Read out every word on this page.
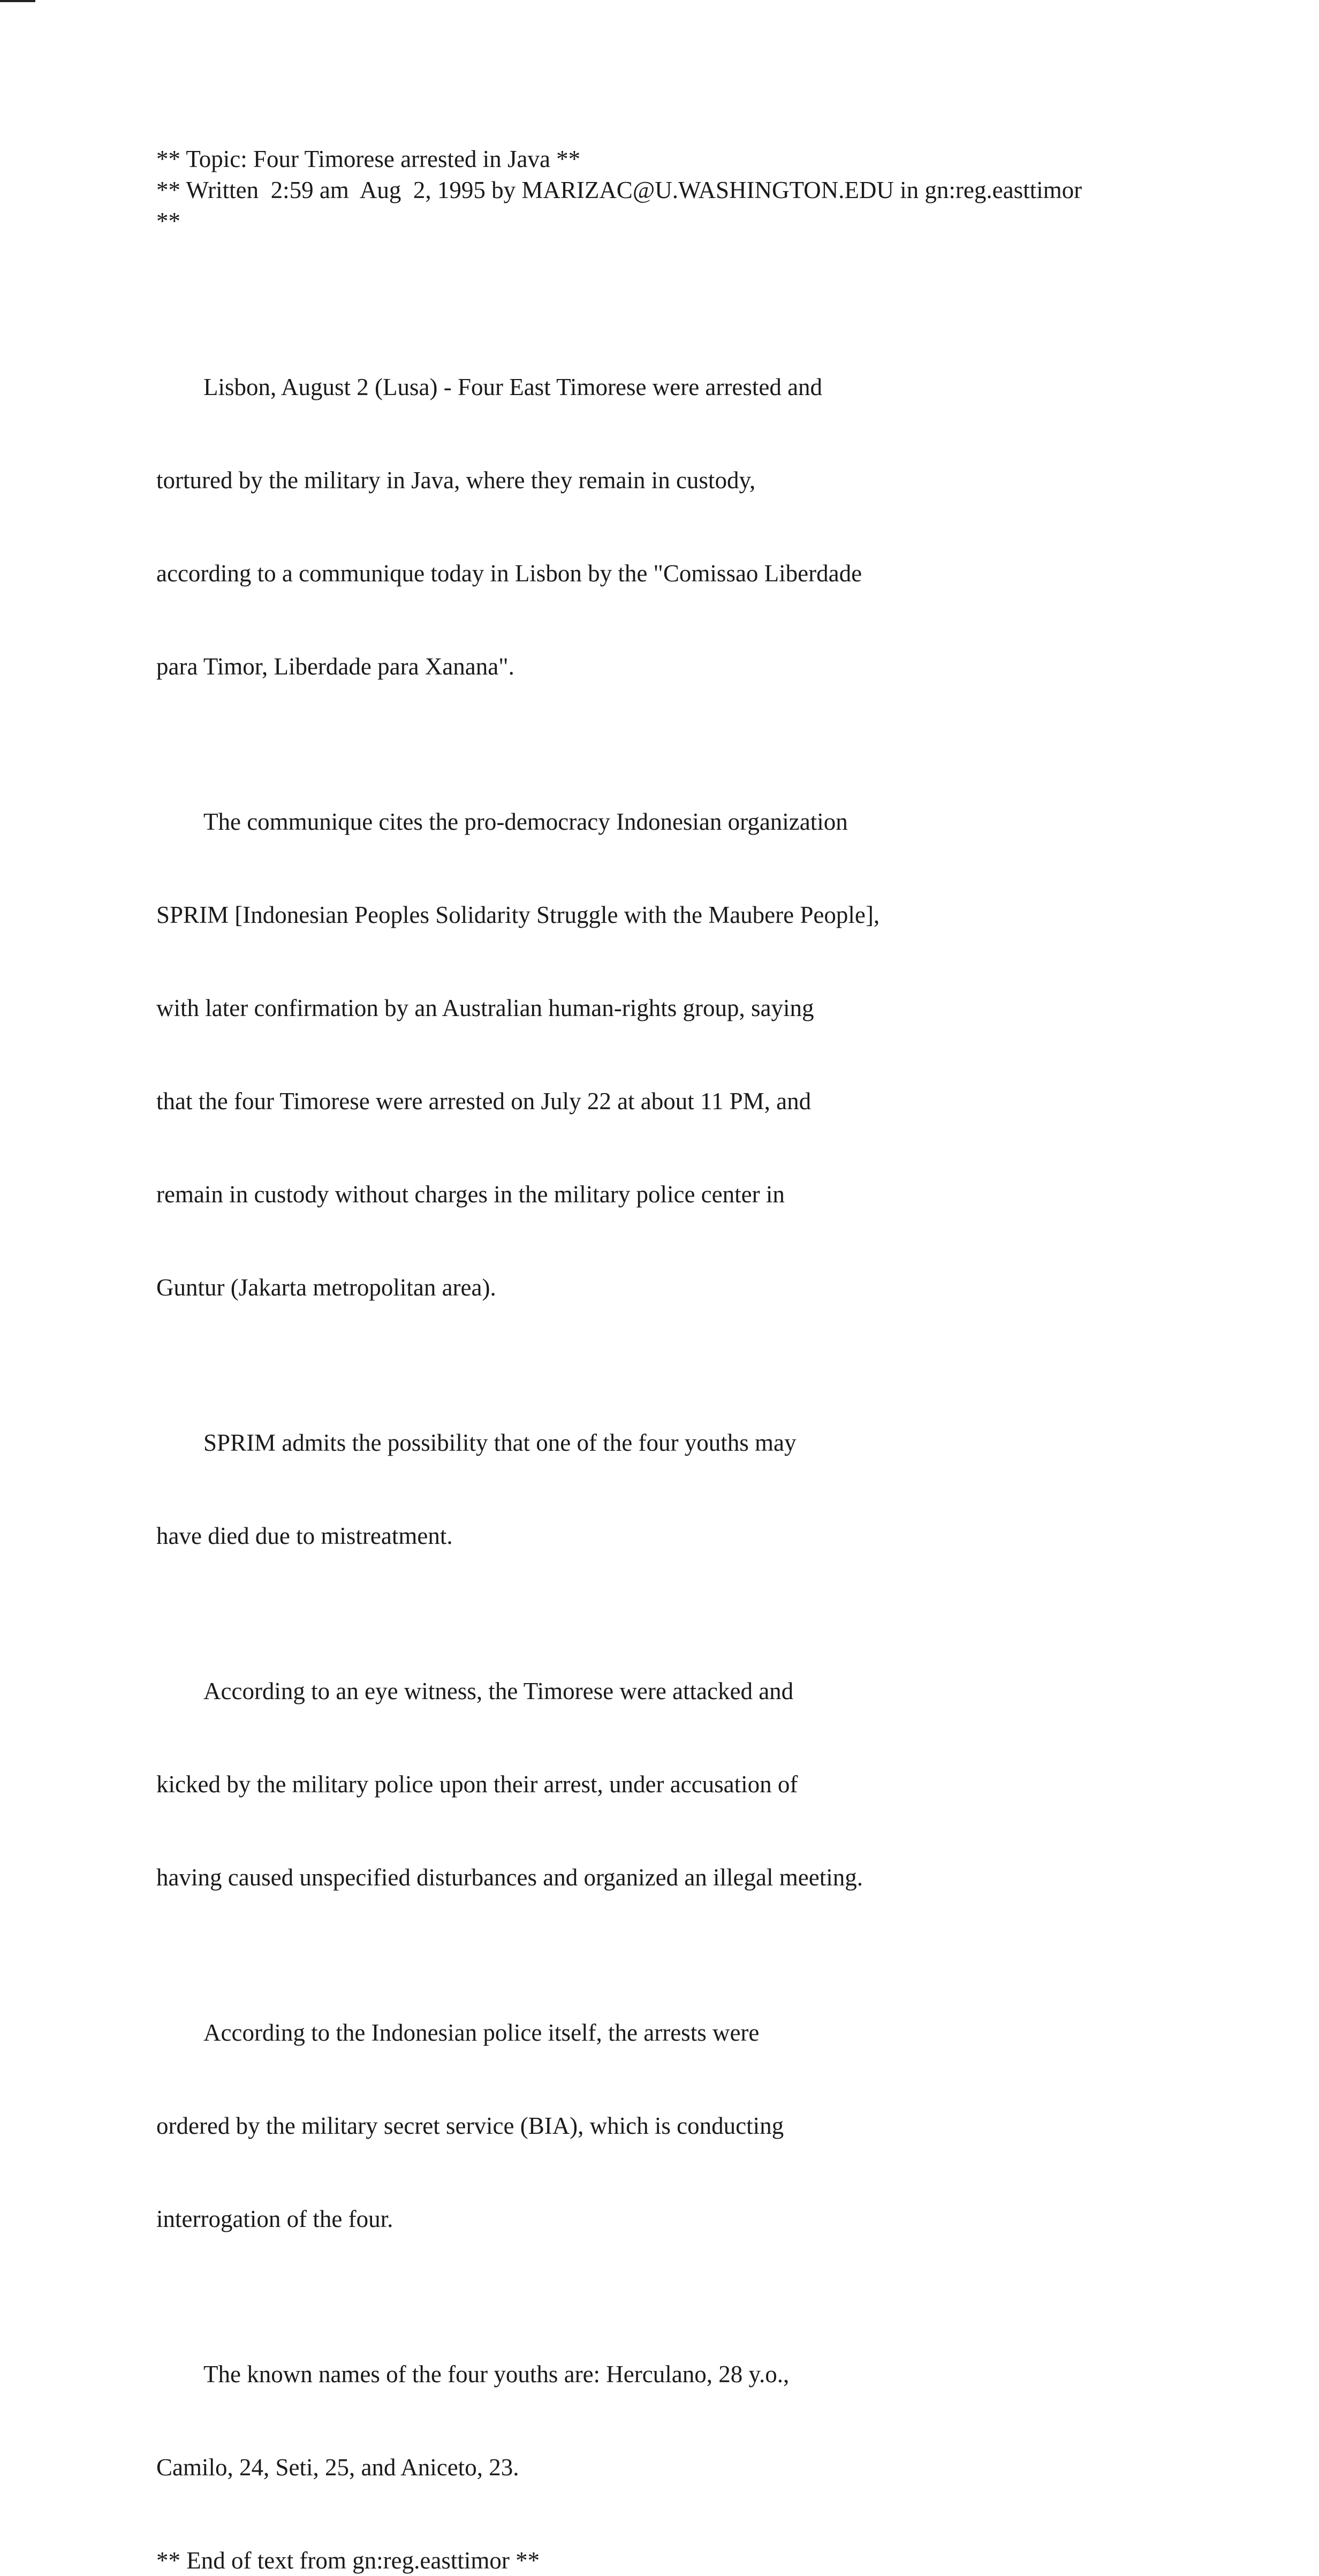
** Topic: Four Timorese arrested in Java **

** Written  2:59 am  Aug  2, 1995 by MARIZAC@U.WASHINGTON.EDU in gn:reg.easttimor

**

Lisbon, August 2 (Lusa) - Four East Timorese were arrested and

tortured by the military in Java, where they remain in custody,

according to a communique today in Lisbon by the "Comissao Liberdade

para Timor, Liberdade para Xanana".

The communique cites the pro-democracy Indonesian organization

SPRIM [Indonesian Peoples Solidarity Struggle with the Maubere People],

with later confirmation by an Australian human-rights group, saying

that the four Timorese were arrested on July 22 at about 11 PM, and

remain in custody without charges in the military police center in

Guntur (Jakarta metropolitan area).

SPRIM admits the possibility that one of the four youths may

have died due to mistreatment.

According to an eye witness, the Timorese were attacked and

kicked by the military police upon their arrest, under accusation of

having caused unspecified disturbances and organized an illegal meeting.

According to the Indonesian police itself, the arrests were

ordered by the military secret service (BIA), which is conducting

interrogation of the four.

The known names of the four youths are: Herculano, 28 y.o.,

Camilo, 24, Seti, 25, and Aniceto, 23.

** End of text from gn:reg.easttimor **
